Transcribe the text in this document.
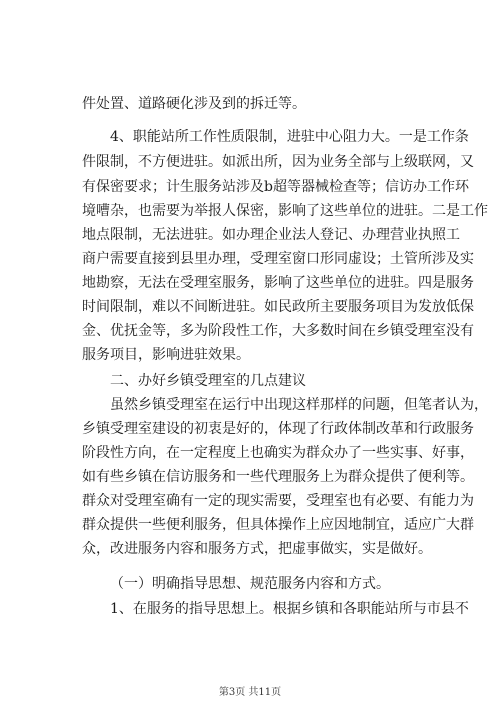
件处置、道路硬化涉及到的拆迁等。
4、职能站所工作性质限制，进驻中心阻力大。一是工作条
件限制，不方便进驻。如派出所，因为业务全部与上级联网，又
有保密要求；计生服务站涉及b超等器械检查等；信访办工作环
境嘈杂，也需要为举报人保密，影响了这些单位的进驻。二是工作
地点限制，无法进驻。如办理企业法人登记、办理营业执照工
商户需要直接到县里办理，受理室窗口形同虚设；土管所涉及实
地勘察，无法在受理室服务，影响了这些单位的进驻。四是服务
时间限制，难以不间断进驻。如民政所主要服务项目为发放低保
金、优抚金等，多为阶段性工作，大多数时间在乡镇受理室没有
服务项目，影响进驻效果。
二、办好乡镇受理室的几点建议
虽然乡镇受理室在运行中出现这样那样的问题，但笔者认为，
乡镇受理室建设的初衷是好的，体现了行政体制改革和行政服务
阶段性方向，在一定程度上也确实为群众办了一些实事、好事，
如有些乡镇在信访服务和一些代理服务上为群众提供了便利等。
群众对受理室确有一定的现实需要，受理室也有必要、有能力为
群众提供一些便利服务，但具体操作上应因地制宜，适应广大群
众，改进服务内容和服务方式，把虚事做实，实是做好。
（一）明确指导思想、规范服务内容和方式。
1、在服务的指导思想上。根据乡镇和各职能站所与市县不
第3页 共11页
